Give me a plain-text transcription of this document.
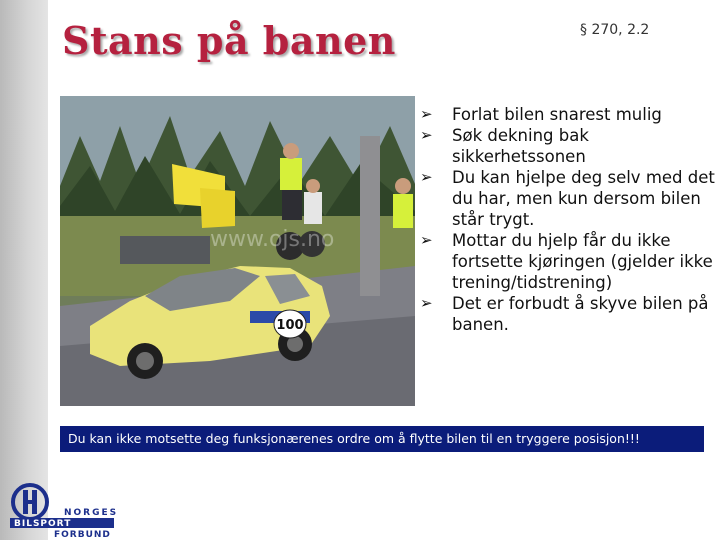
Stans på banen	§ 270, 2.2
100
www.ojs.no
➢ Forlat bilen snarest mulig
➢ Søk dekning bak sikkerhetssonen
➢ Du kan hjelpe deg selv med det du har, men kun dersom bilen står trygt.
➢ Mottar du hjelp får du ikke fortsette kjøringen (gjelder ikke trening/tidstrening)
➢ Det er forbudt å skyve bilen på banen.
Du kan ikke motsette deg funksjonærenes ordre om å flytte bilen til en tryggere posisjon!!!
NORGES
BILSPORT
FORBUND
